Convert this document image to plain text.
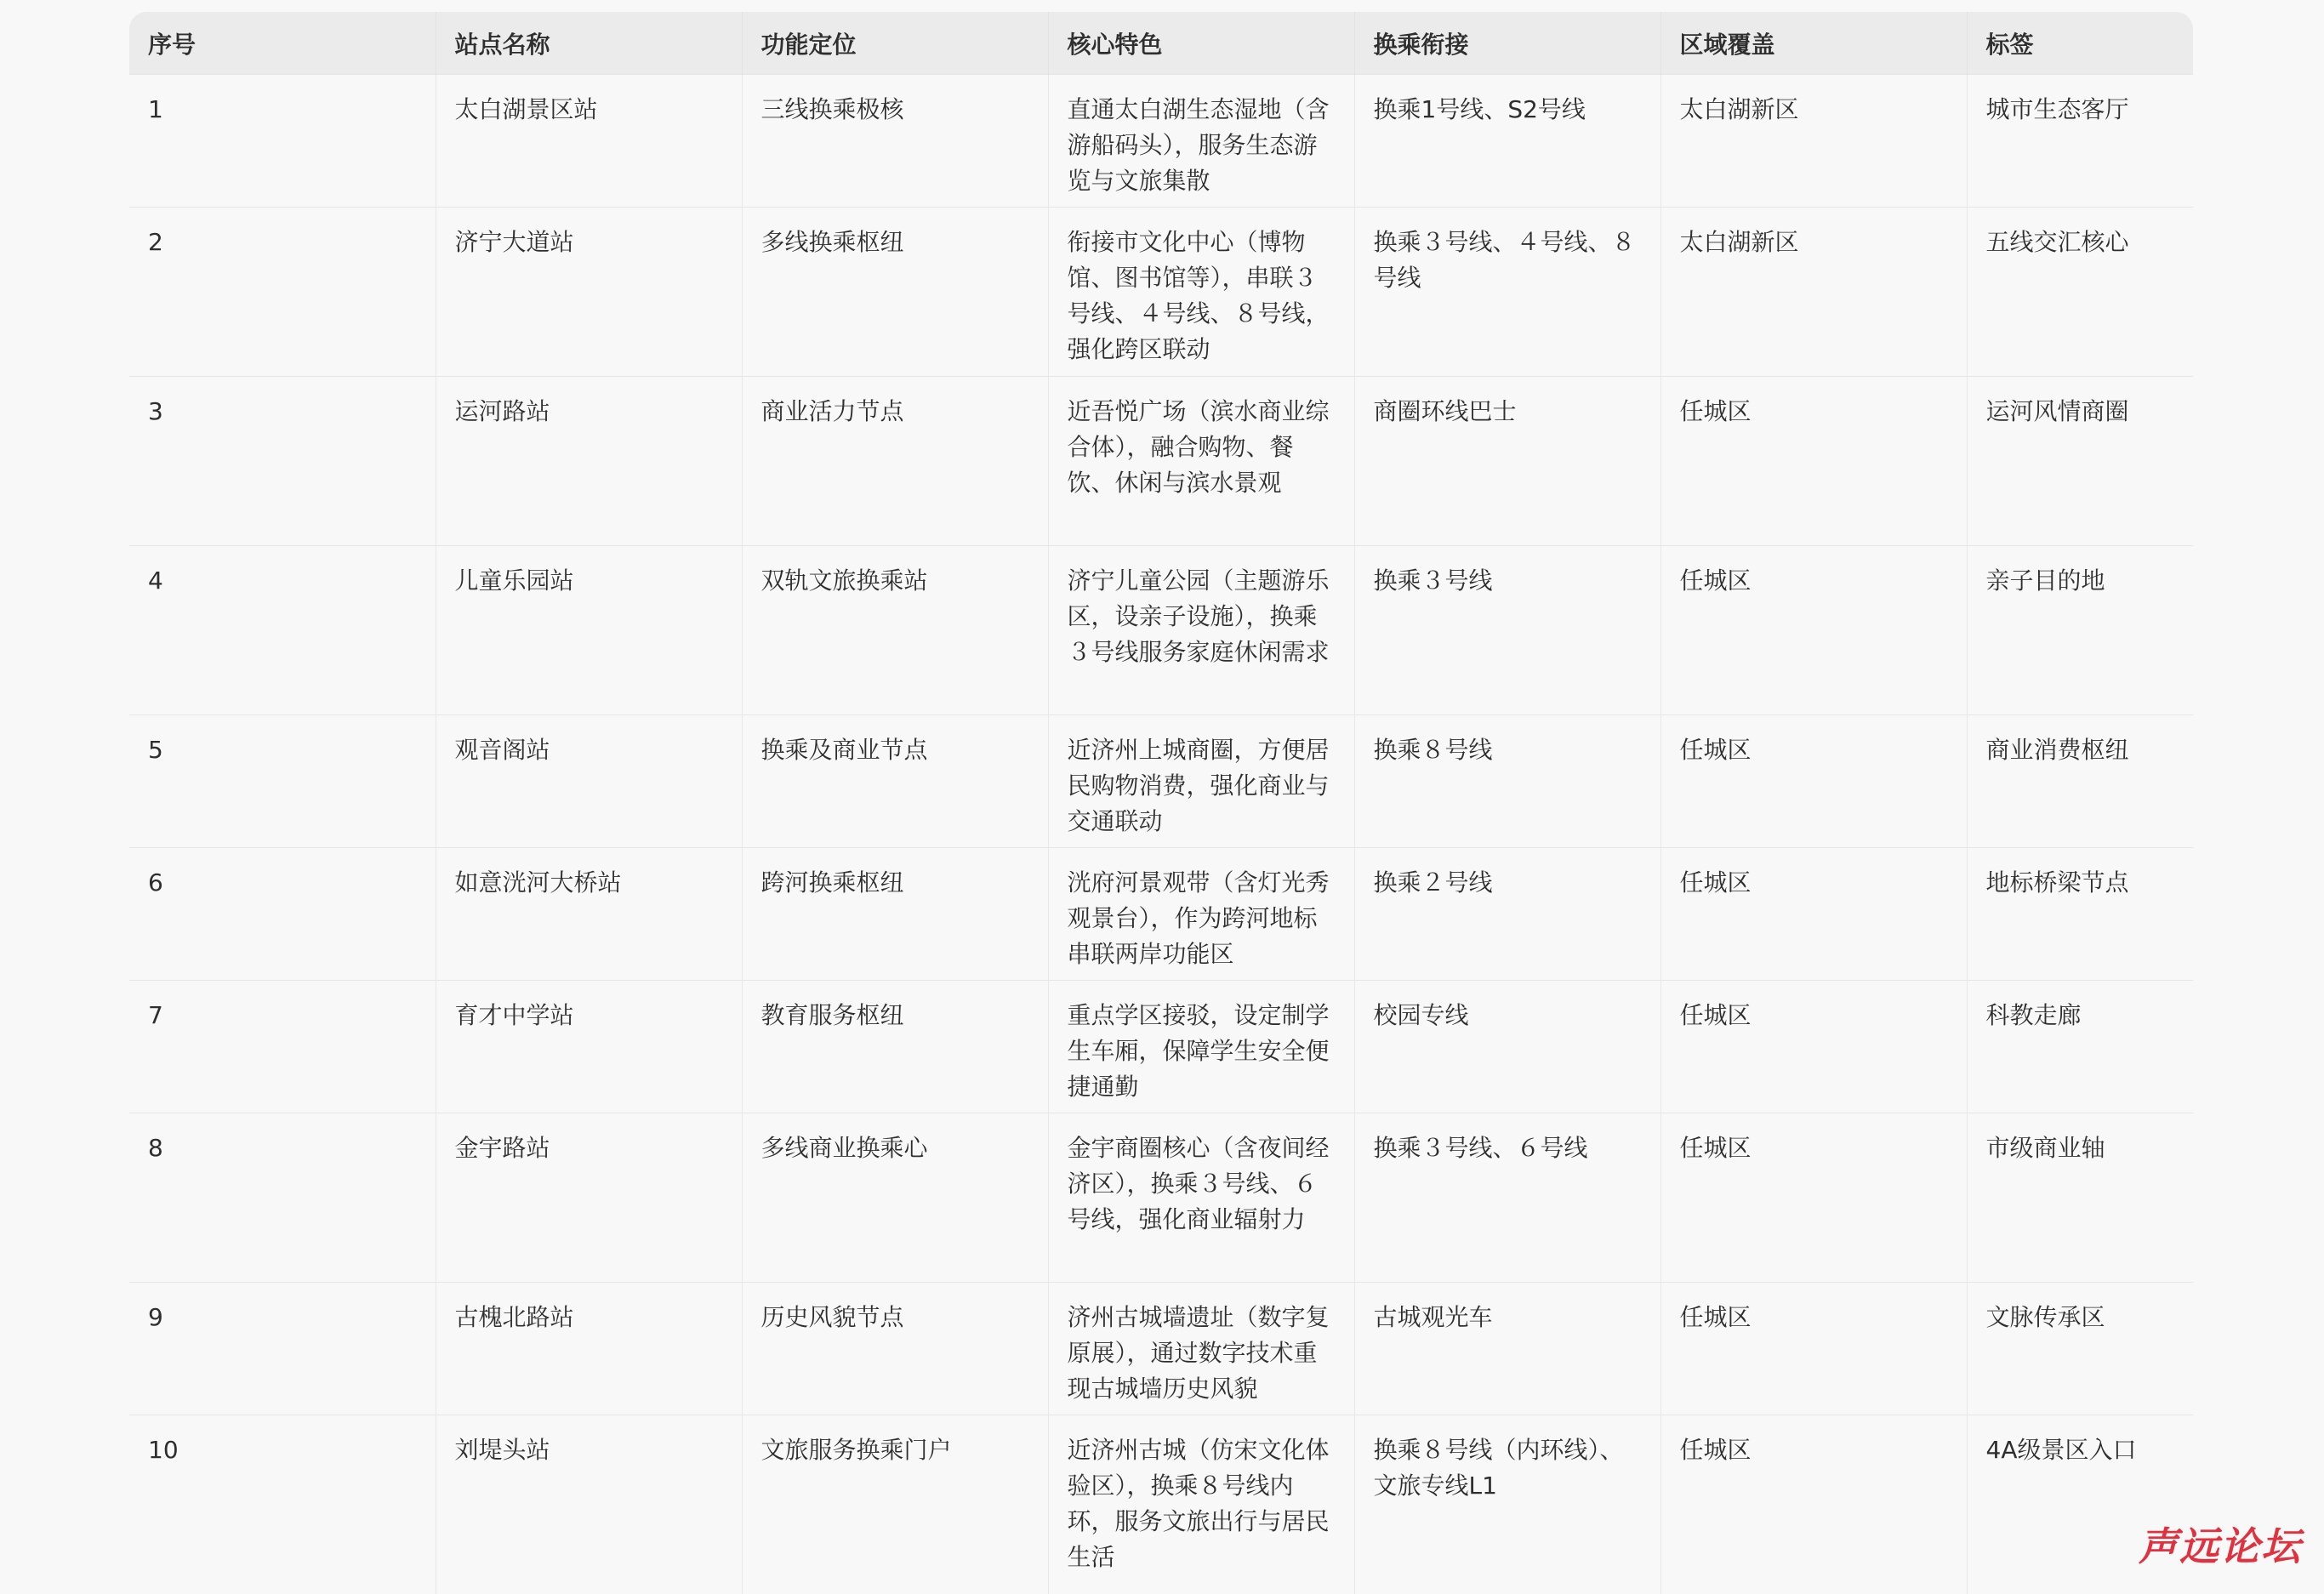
序号	站点名称	功能定位	核心特色	换乘衔接	区域覆盖	标签
1	太白湖景区站	三线换乘极核	直通太白湖生态湿地（含游船码头），服务生态游览与文旅集散	换乘1号线、S2号线	太白湖新区	城市生态客厅
2	济宁大道站	多线换乘枢纽	衔接市文化中心（博物馆、图书馆等），串联３号线、４号线、８号线，强化跨区联动	换乘３号线、４号线、８号线	太白湖新区	五线交汇核心
3	运河路站	商业活力节点	近吾悦广场（滨水商业综合体），融合购物、餐饮、休闲与滨水景观	商圈环线巴士	任城区	运河风情商圈
4	儿童乐园站	双轨文旅换乘站	济宁儿童公园（主题游乐区，设亲子设施），换乘３号线服务家庭休闲需求	换乘３号线	任城区	亲子目的地
5	观音阁站	换乘及商业节点	近济州上城商圈，方便居民购物消费，强化商业与交通联动	换乘８号线	任城区	商业消费枢纽
6	如意洸河大桥站	跨河换乘枢纽	洸府河景观带（含灯光秀观景台），作为跨河地标串联两岸功能区	换乘２号线	任城区	地标桥梁节点
7	育才中学站	教育服务枢纽	重点学区接驳，设定制学生车厢，保障学生安全便捷通勤	校园专线	任城区	科教走廊
8	金宇路站	多线商业换乘心	金宇商圈核心（含夜间经济区），换乘３号线、６号线，强化商业辐射力	换乘３号线、６号线	任城区	市级商业轴
9	古槐北路站	历史风貌节点	济州古城墙遗址（数字复原展），通过数字技术重现古城墙历史风貌	古城观光车	任城区	文脉传承区
10	刘堤头站	文旅服务换乘门户	近济州古城（仿宋文化体验区），换乘８号线内环，服务文旅出行与居民生活	换乘８号线（内环线）、文旅专线L1	任城区	4A级景区入口
声远论坛
